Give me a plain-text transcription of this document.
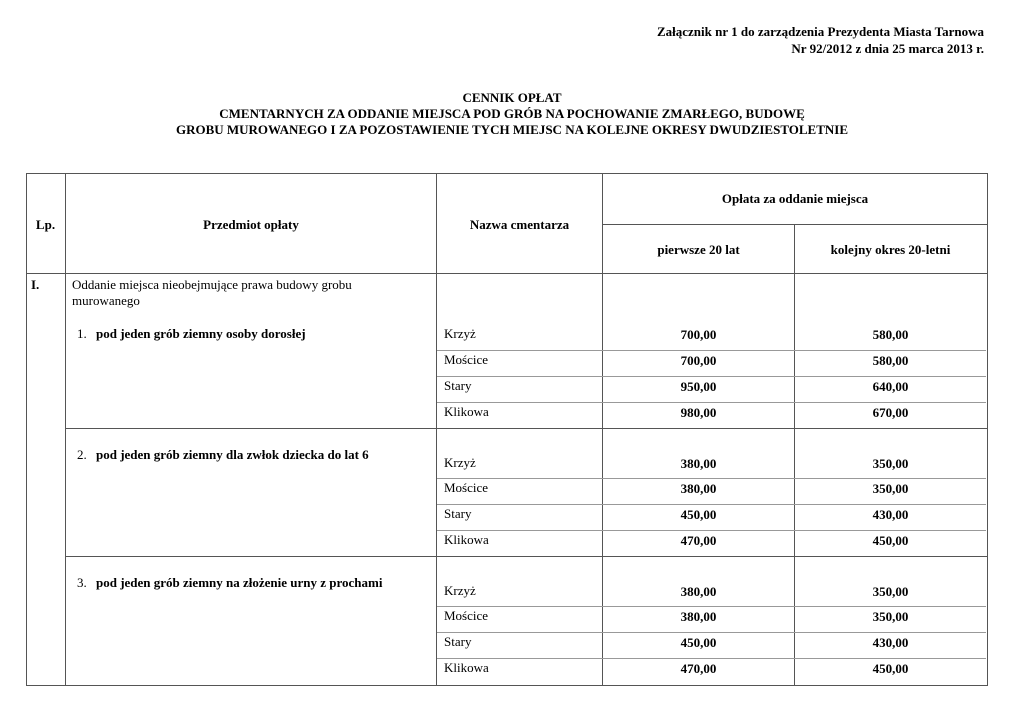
Załącznik nr 1 do zarządzenia Prezydenta Miasta Tarnowa
Nr 92/2012 z dnia 25 marca 2013 r.
CENNIK OPŁAT
CMENTARNYCH ZA ODDANIE MIEJSCA POD GRÓB NA POCHOWANIE ZMARŁEGO, BUDOWĘ
GROBU MUROWANEGO I ZA POZOSTAWIENIE TYCH MIEJSC NA KOLEJNE OKRESY DWUDZIESTOLETNIE
Lp.	Przedmiot opłaty	Nazwa cmentarza
Opłata za oddanie miejsca
pierwsze 20 lat	kolejny okres 20-letni
I.	Oddanie miejsca nieobejmujące prawa budowy grobu
murowanego
1. pod jeden grób ziemny osoby dorosłej	Krzyż	700,00	580,00
Mościce	700,00	580,00
Stary	950,00	640,00
Klikowa	980,00	670,00
2. pod jeden grób ziemny dla zwłok dziecka do lat 6
Krzyż	380,00	350,00
Mościce	380,00	350,00
Stary	450,00	430,00
Klikowa	470,00	450,00
3. pod jeden grób ziemny na złożenie urny z prochami
Krzyż	380,00	350,00
Mościce	380,00	350,00
Stary	450,00	430,00
Klikowa	470,00	450,00
